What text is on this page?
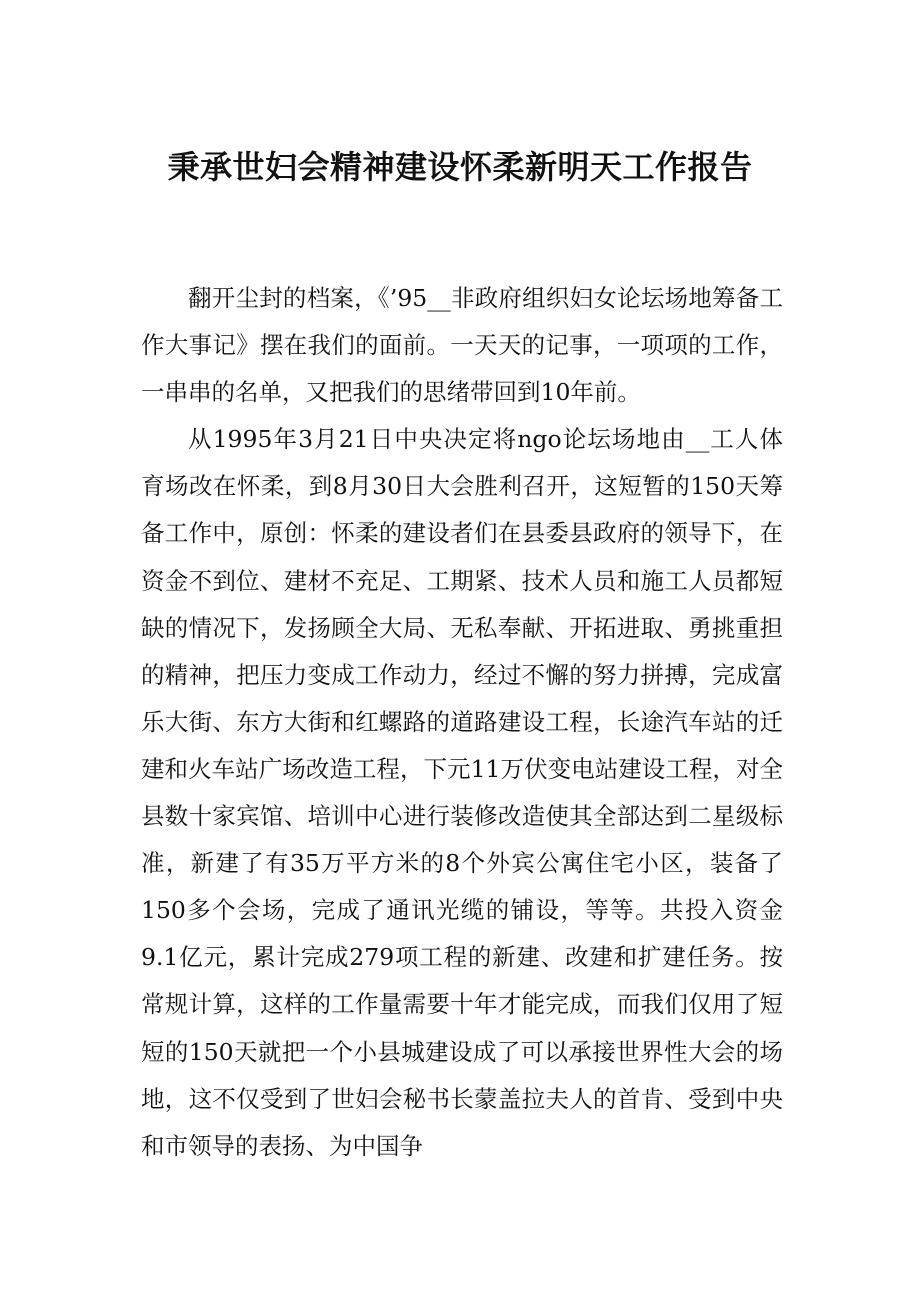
秉承世妇会精神建设怀柔新明天工作报告

翻开尘封的档案，《’95__非政府组织妇女论坛场地筹备工作大事记》摆在我们的面前。一天天的记事，一项项的工作，一串串的名单，又把我们的思绪带回到10年前。

从1995年3月21日中央决定将ngo论坛场地由__工人体育场改在怀柔，到8月30日大会胜利召开，这短暂的150天筹备工作中，原创：怀柔的建设者们在县委县政府的领导下，在资金不到位、建材不充足、工期紧、技术人员和施工人员都短缺的情况下，发扬顾全大局、无私奉献、开拓进取、勇挑重担的精神，把压力变成工作动力，经过不懈的努力拼搏，完成富乐大街、东方大街和红螺路的道路建设工程，长途汽车站的迁建和火车站广场改造工程，下元11万伏变电站建设工程，对全县数十家宾馆、培训中心进行装修改造使其全部达到二星级标准，新建了有35万平方米的8个外宾公寓住宅小区，装备了150多个会场，完成了通讯光缆的铺设，等等。共投入资金9.1亿元，累计完成279项工程的新建、改建和扩建任务。按常规计算，这样的工作量需要十年才能完成，而我们仅用了短短的150天就把一个小县城建设成了可以承接世界性大会的场地，这不仅受到了世妇会秘书长蒙盖拉夫人的首肯、受到中央和市领导的表扬、为中国争
